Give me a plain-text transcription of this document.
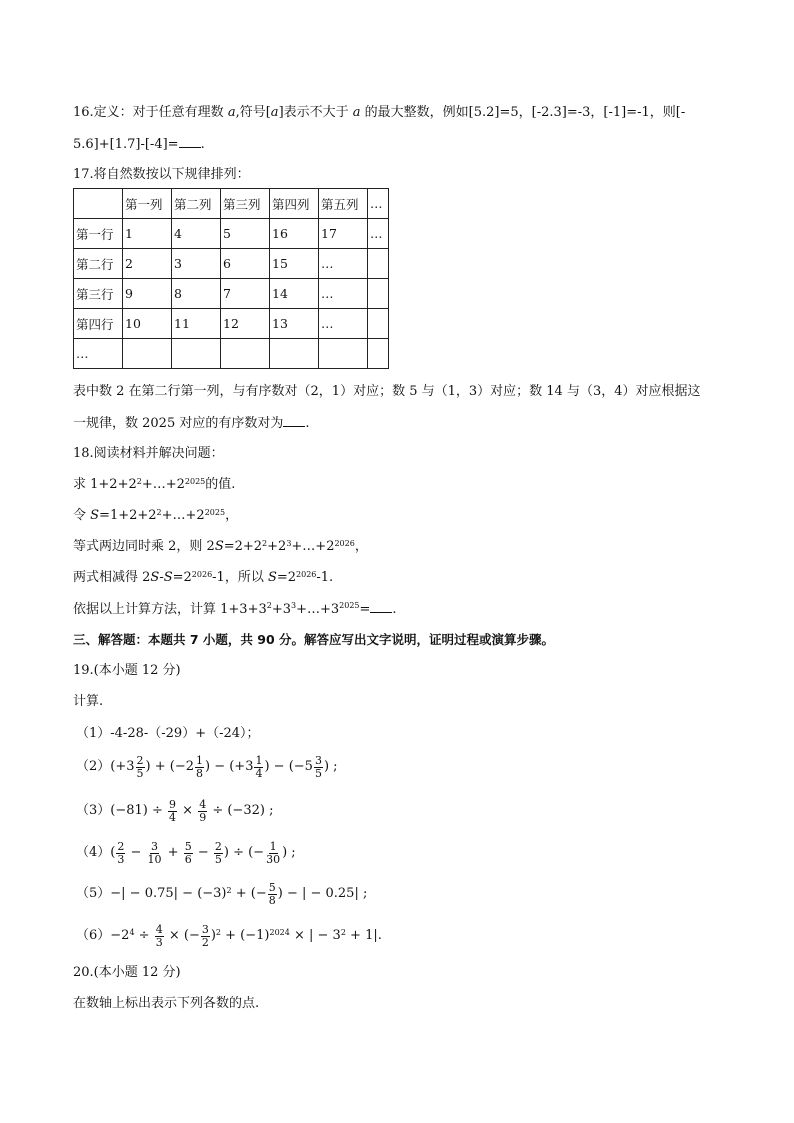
16.定义：对于任意有理数 a,符号[a]表示不大于 a 的最大整数，例如[5.2]=5，[-2.3]=-3，[-1]=-1，则[-
5.6]+[1.7]-[-4]= .
17.将自然数按以下规律排列：
	第一列	第二列	第三列	第四列	第五列	…
第一行	1	4	5	16	17	…
第二行	2	3	6	15	…	
第三行	9	8	7	14	…	
第四行	10	11	12	13	…	
…						
表中数 2 在第二行第一列，与有序数对（2，1）对应；数 5 与（1，3）对应；数 14 与（3，4）对应根据这
一规律，数 2025 对应的有序数对为 .
18.阅读材料并解决问题：
求 $1+2+2^2+\dots+2^{2025}$的值.
令 $S=1+2+2^2+\dots+2^{2025}$，
等式两边同时乘 2，则 $2S=2+2^2+2^3+\dots+2^{2026}$，
两式相减得 $2S-S=2^{2026}-1$，所以 $S=2^{2026}-1$.
依据以上计算方法，计算 $1+3+3^2+3^3+\dots+3^{2025}=$ .
三、解答题：本题共 7 小题，共 90 分。解答应写出文字说明，证明过程或演算步骤。
19.(本小题 12 分)
计算.
（1）-4-28-（-29）+（-24）；
（2） ($+3 \frac{2}{5}$ ) + ($-2 \frac{1}{8}$ ) − ($+3 \frac{1}{4}$ ) − ($-5 \frac{3}{5}$ ) ;
（3） $(-81) \div \frac{9}{4} \times \frac{4}{9} \div (-32)$ ;
（4） ( $\frac{2}{3} - \frac{3}{10} + \frac{5}{6} - \frac{2}{5}$ ) ÷ (− $\frac{1}{30}$ ) ;
（5） −| − $0.75| - (-3)^2$ + (− $\frac{5}{8}$ ) − | − 0.25| ;
$(6) -2^4 \div \frac{4}{3}$ × (− $\frac{3}{2} )^2 + (-1)^{2024}$ × | − $3^2 + 1|$.
20.(本小题 12 分)
在数轴上标出表示下列各数的点.
